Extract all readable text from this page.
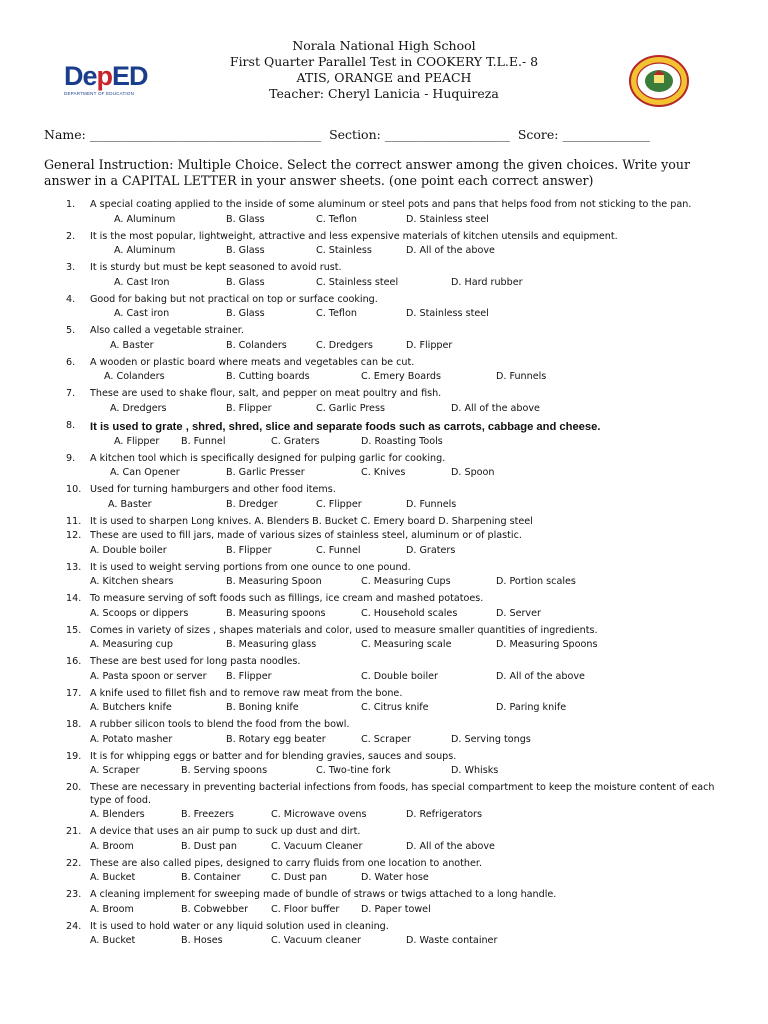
Norala National High School
First Quarter Parallel Test in COOKERY T.L.E.- 8
ATIS, ORANGE and PEACH
Teacher: Cheryl Lanicia - Huquireza
DepED
DEPARTMENT OF EDUCATION
Name: _____________________________________ Section: ____________________ Score: ______________
General Instruction: Multiple Choice. Select the correct answer among the given choices. Write your answer in a CAPITAL LETTER in your answer sheets. (one point each correct answer)
1.	A special coating applied to the inside of some aluminum or steel pots and pans that helps food from not sticking to the pan.
A. Aluminum	B. Glass	C. Teflon	D. Stainless steel
2.	It is the most popular, lightweight, attractive and less expensive materials of kitchen utensils and equipment.
A. Aluminum	B. Glass	C. Stainless	D. All of the above
3.	It is sturdy but must be kept seasoned to avoid rust.
A. Cast Iron	B. Glass	C. Stainless steel	D. Hard rubber
4.	Good for baking but not practical on top or surface cooking.
A. Cast iron	B. Glass	C. Teflon	D. Stainless steel
5.	Also called a vegetable strainer.
A. Baster	B. Colanders	C. Dredgers	D. Flipper
6.	A wooden or plastic board where meats and vegetables can be cut.
A. Colanders	B. Cutting boards	C. Emery Boards	D. Funnels
7.	These are used to shake flour, salt, and pepper on meat poultry and fish.
A. Dredgers	B. Flipper	C. Garlic Press	D. All of the above
8.	It is used to grate , shred, shred, slice and separate foods such as carrots, cabbage and cheese.
A. Flipper B. Funnel	C. Graters	D. Roasting Tools
9.	A kitchen tool which is specifically designed for pulping garlic for cooking.
A. Can Opener	B. Garlic Presser	C. Knives	D. Spoon
10. Used for turning hamburgers and other food items.
A. Baster	B. Dredger	C. Flipper	D. Funnels
11. It is used to sharpen Long knives. A. Blenders B. Bucket C. Emery board D. Sharpening steel
12. These are used to fill jars, made of various sizes of stainless steel, aluminum or of plastic.
A. Double boiler	B. Flipper	C. Funnel	D. Graters
13. It is used to weight serving portions from one ounce to one pound.
A. Kitchen shears	B. Measuring Spoon	C. Measuring Cups	D. Portion scales
14. To measure serving of soft foods such as fillings, ice cream and mashed potatoes.
A. Scoops or dippers	B. Measuring spoons	C. Household scales	D. Server
15. Comes in variety of sizes , shapes materials and color, used to measure smaller quantities of ingredients.
A. Measuring cup	B. Measuring glass	C. Measuring scale	D. Measuring Spoons
16. These are best used for long pasta noodles.
A. Pasta spoon or server B. Flipper	C. Double boiler	D. All of the above
17. A knife used to fillet fish and to remove raw meat from the bone.
A. Butchers knife	B. Boning knife	C. Citrus knife	D. Paring knife
18. A rubber silicon tools to blend the food from the bowl.
A. Potato masher	B. Rotary egg beater	C. Scraper	D. Serving tongs
19. It is for whipping eggs or batter and for blending gravies, sauces and soups.
A. Scraper	B. Serving spoons	C. Two-tine fork	D. Whisks
20. These are necessary in preventing bacterial infections from foods, has special compartment to keep the moisture content of each type of food.
A. Blenders	B. Freezers	C. Microwave ovens	D. Refrigerators
21. A device that uses an air pump to suck up dust and dirt.
A. Broom	B. Dust pan	C. Vacuum Cleaner	D. All of the above
22. These are also called pipes, designed to carry fluids from one location to another.
A. Bucket	B. Container	C. Dust pan	D. Water hose
23. A cleaning implement for sweeping made of bundle of straws or twigs attached to a long handle.
A. Broom	B. Cobwebber C. Floor buffer D. Paper towel
24. It is used to hold water or any liquid solution used in cleaning.
A. Bucket	B. Hoses	C. Vacuum cleaner	D. Waste container
